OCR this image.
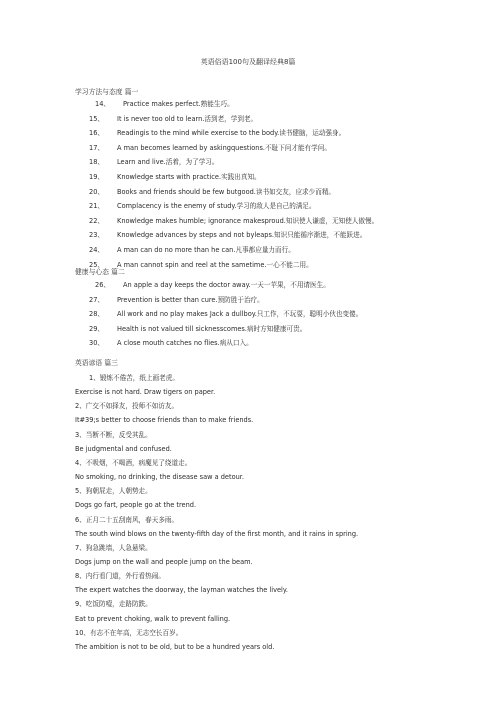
英语俗语100句及翻译经典8篇
学习方法与态度 篇一
14、 Practice makes perfect.熟能生巧。
15、 It is never too old to learn.活到老，学到老。
16、 Readingis to the mind while exercise to the body.读书健脑，运动强身。
17、 A man becomes learned by askingquestions.不耻下问才能有学问。
18、 Learn and live.活着，为了学习。
19、 Knowledge starts with practice.实践出真知。
20、 Books and friends should be few butgood.读书如交友，应求少而精。
21、 Complacency is the enemy of study.学习的敌人是自己的满足。
22、 Knowledge makes humble; ignorance makesproud.知识使人谦虚，无知使人傲慢。
23、 Knowledge advances by steps and not byleaps.知识只能循序渐进，不能跃进。
24、 A man can do no more than he can.凡事都应量力而行。
25、 A man cannot spin and reel at the sametime.一心不能二用。
健康与心态 篇二
26、 An apple a day keeps the doctor away.一天一苹果，不用请医生。
27、 Prevention is better than cure.预防胜于治疗。
28、 All work and no play makes Jack a dullboy.只工作，不玩耍，聪明小伙也变傻。
29、 Health is not valued till sicknesscomes.病时方知健康可贵。
30、 A close mouth catches no flies.病从口入。
英语谚语 篇三
1、锻炼不倦苦，纸上画老虎。
Exercise is not hard. Draw tigers on paper.
2、广交不如择友，投师不如访友。
It#39;s better to choose friends than to make friends.
3、当断不断，反受其乱。
Be judgmental and confused.
4、不吸烟，不喝酒，病魔见了绕道走。
No smoking, no drinking, the disease saw a detour.
5、狗朝屁走，人朝势走。
Dogs go fart, people go at the trend.
6、正月二十五刮南风，春天多雨。
The south wind blows on the twenty-fifth day of the first month, and it rains in spring.
7、狗急跳墙，人急悬梁。
Dogs jump on the wall and people jump on the beam.
8、内行看门道，外行看热闹。
The expert watches the doorway, the layman watches the lively.
9、吃饭防噎，走路防跌。
Eat to prevent choking, walk to prevent falling.
10、有志不在年高，无志空长百岁。
The ambition is not to be old, but to be a hundred years old.
